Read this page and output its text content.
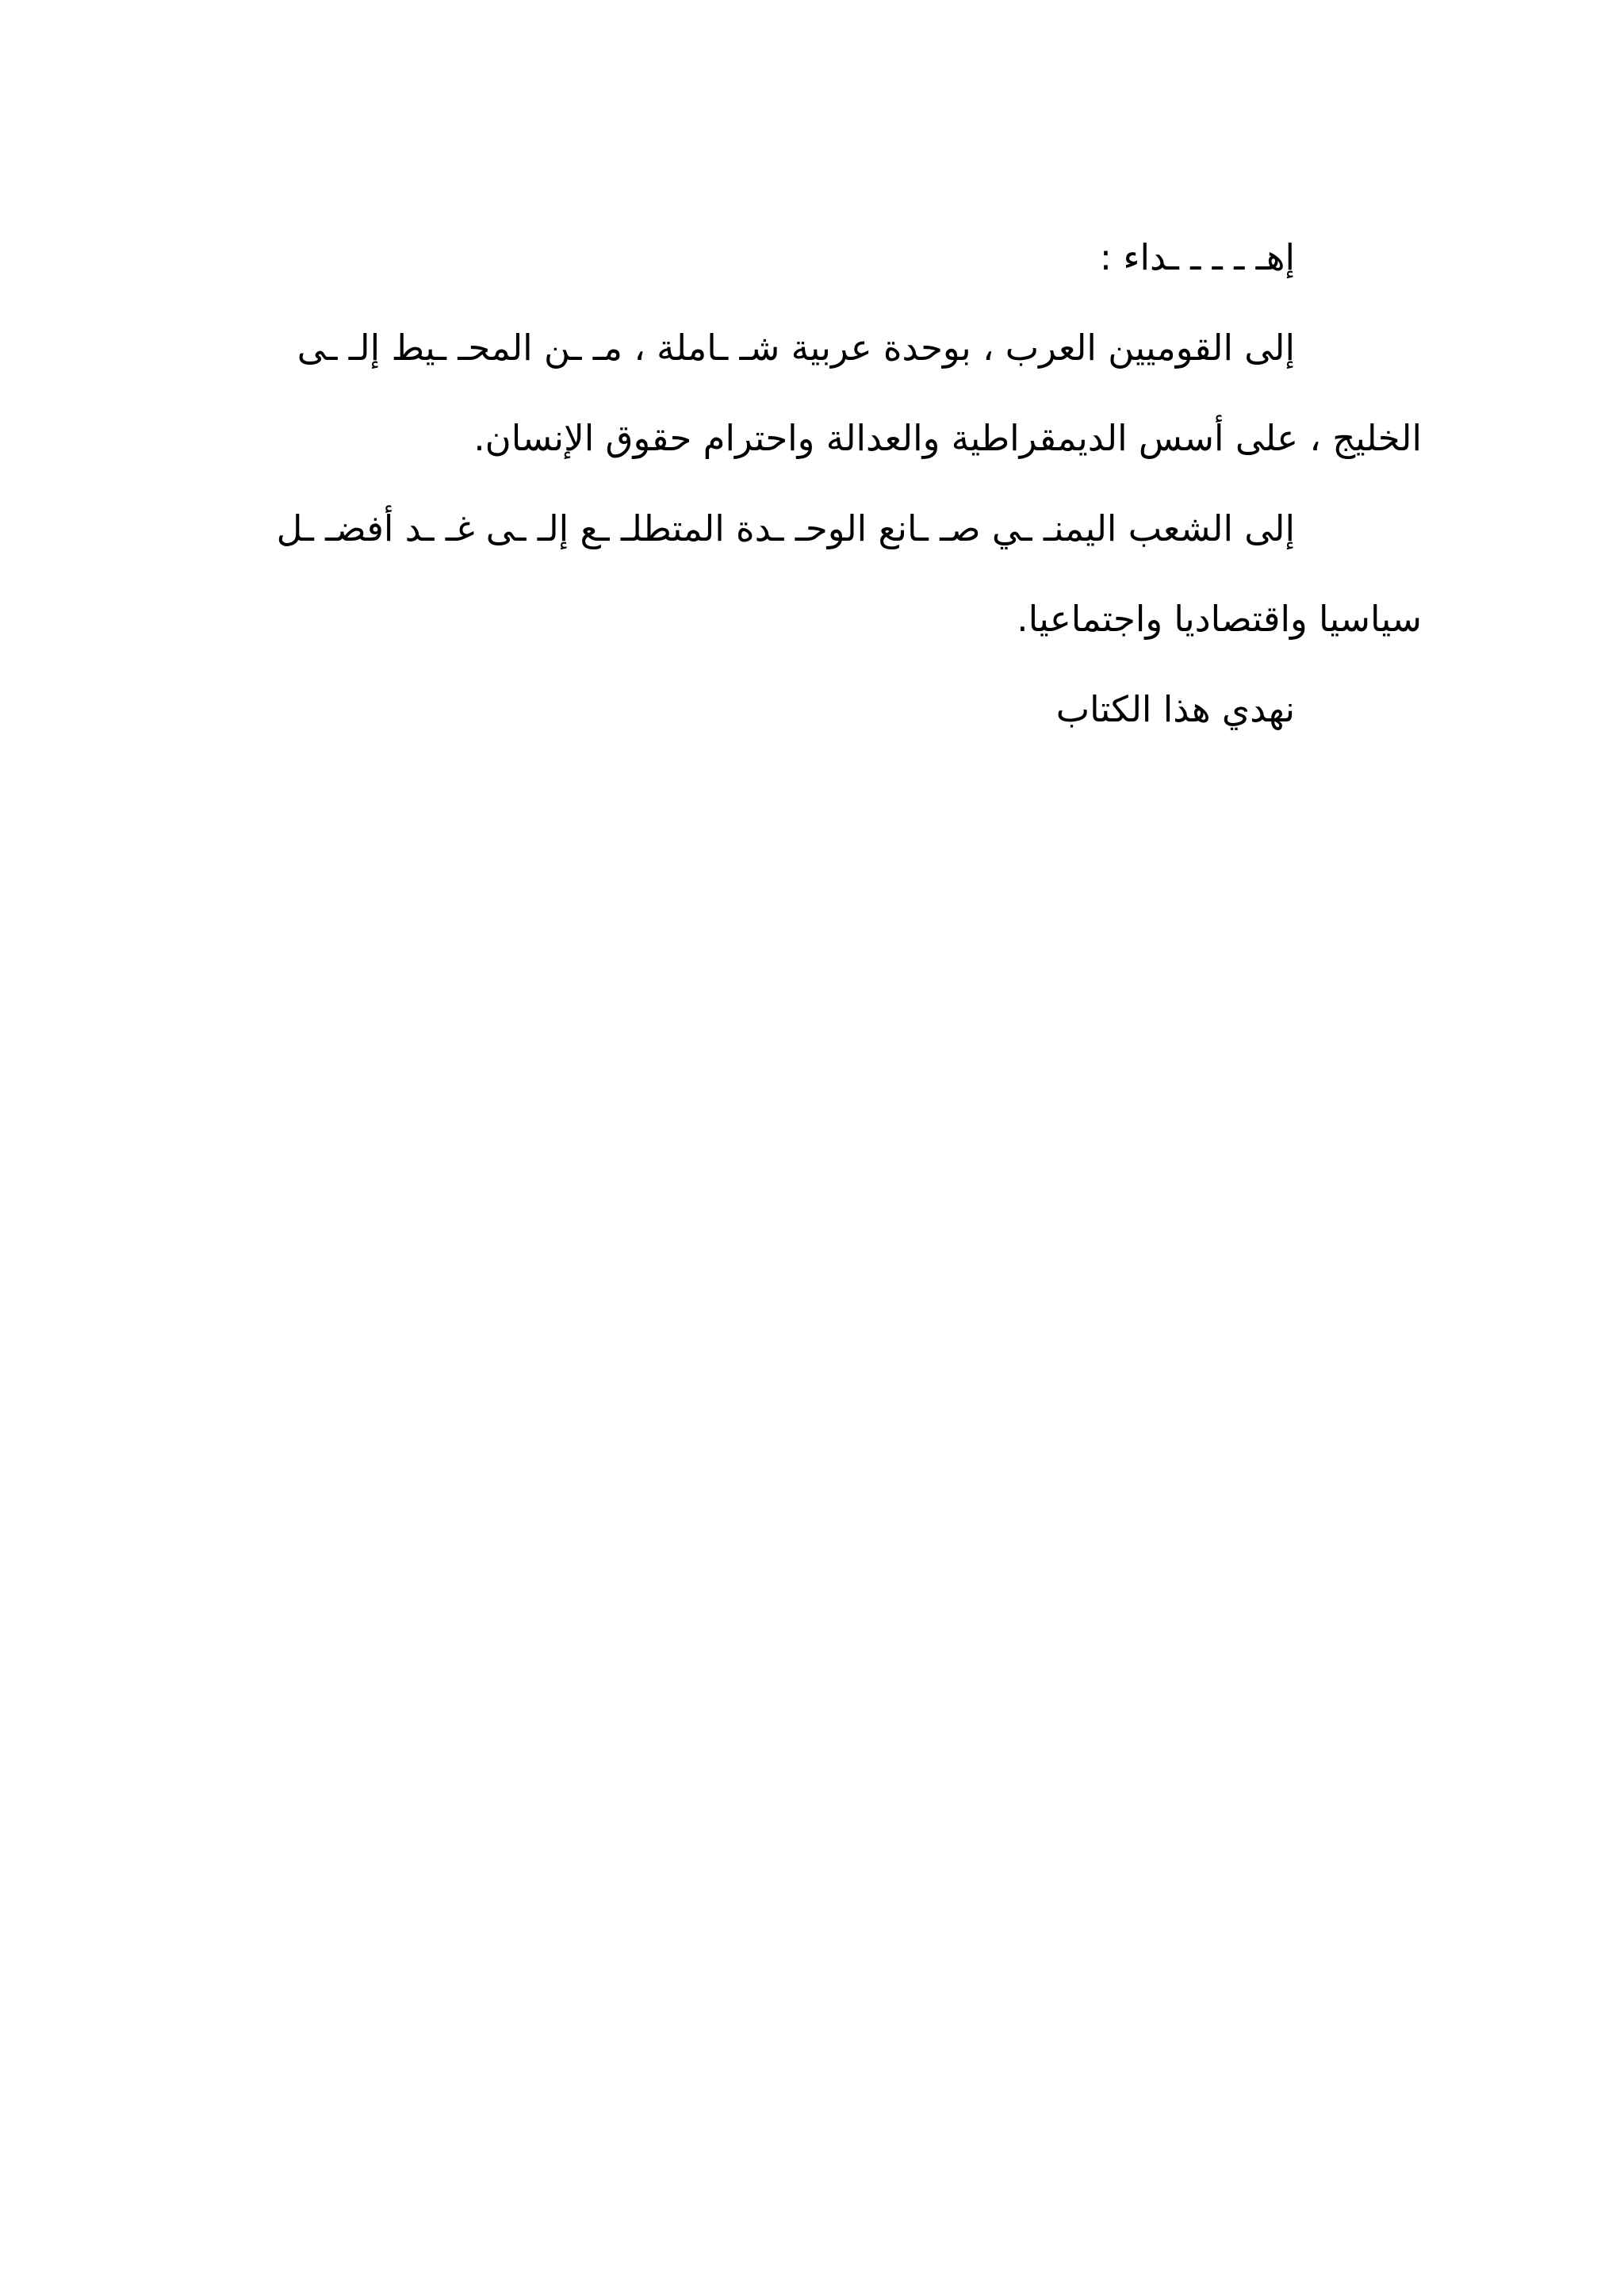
إهـ ـ ـ ـ ـداء :
إلى القوميين العرب ، بوحدة عربية شـ ـاملة ، مـ ـن المحـ ـيط إلـ ـى
الخليج ، على أسس الديمقراطية والعدالة واحترام حقوق الإنسان.
إلى الشعب اليمنـ ـي صـ ـانع الوحـ ـدة المتطلـ ـع إلـ ـى غـ ـد أفضـ ـل
سياسيا واقتصاديا واجتماعيا.
نهدي هذا الكتاب
